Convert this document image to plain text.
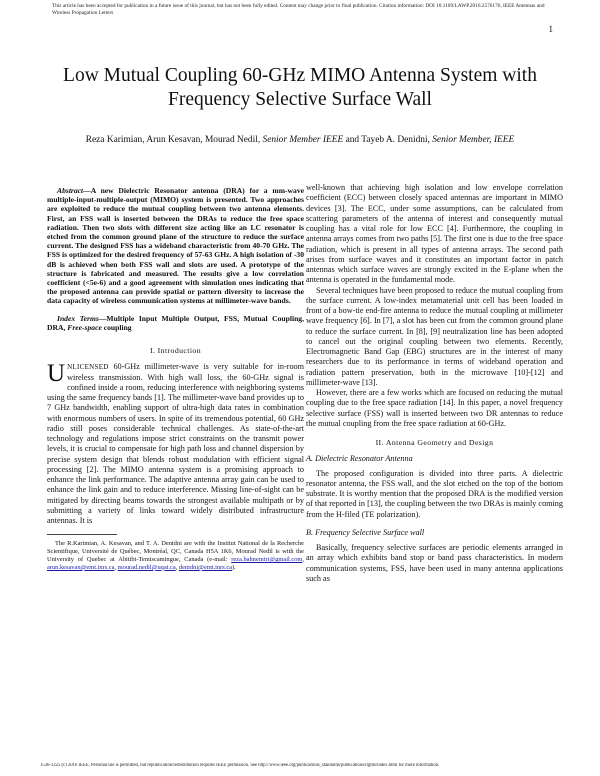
This article has been accepted for publication in a future issue of this journal, but has not been fully edited. Content may change prior to final publication. Citation information: DOI 10.1109/LAWP.2016.2576176, IEEE Antennas and Wireless Propagation Letters
1
Low Mutual Coupling 60-GHz MIMO Antenna System with Frequency Selective Surface Wall
Reza Karimian, Arun Kesavan, Mourad Nedil, Senior Member IEEE and Tayeb A. Denidni, Senior Member, IEEE

Abstract—A new Dielectric Resonator antenna (DRA) for a mm-wave multiple-input-multiple-output (MIMO) system is presented. Two approaches are exploited to reduce the mutual coupling between two antenna elements. First, an FSS wall is inserted between the DRAs to reduce the free space radiation. Then two slots with different size acting like an LC resonator is etched from the common ground plane of the structure to reduce the surface current. The designed FSS has a wideband characteristic from 40-70 GHz. The FSS is optimized for the desired frequency of 57-63 GHz. A high isolation of -30 dB is achieved when both FSS wall and slots are used. A prototype of the structure is fabricated and measured. The results give a low correlation coefficient (<5e-6) and a good agreement with simulation ones indicating that the proposed antenna can provide spatial or pattern diversity to increase the data capacity of wireless communication systems at millimeter-wave bands.

Index Terms—Multiple Input Multiple Output, FSS, Mutual Coupling, DRA, Free-space coupling

I. Introduction

UNLICENSED 60-GHz millimeter-wave is very suitable for in-room wireless transmission. With high wall loss, the 60-GHz signal is confined inside a room, reducing interference with neighboring systems using the same frequency bands [1]. The millimeter-wave band provides up to 7 GHz bandwidth, enabling support of ultra-high data rates in combination with enormous numbers of users. In spite of its tremendous potential, 60 GHz radio still poses considerable technical challenges. As state-of-the-art technology and regulations impose strict constraints on the transmit power levels, it is crucial to compensate for high path loss and channel dispersion by precise system design that blends robust modulation with efficient signal processing [2]. The MIMO antenna system is a promising approach to enhance the link performance. The adaptive antenna array gain can be used to enhance the link gain and to reduce interference. Missing line-of-sight can be mitigated by directing beams towards the strongest available multipath or by submitting a variety of links toward widely distributed infrastructure antennas. It is

The R.Karimian, A. Kesavan, and T. A. Denidni are with the Institut National de la Recherche Scientifique, Université de Québec, Montréal, QC, Canada H5A 1K6, Mourad Nedil is with the University of Quebec at Abitibi-Temiscamingue, Canada (e-mail: reza.bahnemiri@gmail.com, arun.kesavan@emt.inrs.ca, mourad.nedil@uqat.ca, denidni@emt.inrs.ca).

well-known that achieving high isolation and low envelope correlation coefficient (ECC) between closely spaced antennas are important in MIMO devices [3]. The ECC, under some assumptions, can be calculated from scattering parameters of the antenna of interest and consequently mutual coupling has a vital role for low ECC [4]. Furthermore, the coupling in antenna arrays comes from two paths [5]. The first one is due to the free space radiation, which is present in all types of antenna arrays. The second path arises from surface waves and it constitutes an important factor in patch antennas which surface waves are strongly excited in the E-plane when the antenna is operated in the fundamental mode.

Several techniques have been proposed to reduce the mutual coupling from the surface current. A low-index metamaterial unit cell has been loaded in front of a bow-tie end-fire antenna to reduce the mutual coupling at millimeter wave frequency [6]. In [7], a slot has been cut from the common ground plane to reduce the surface current. In [8], [9] neutralization line has been adopted to cancel out the original coupling between two elements. Recently, Electromagnetic Band Gap (EBG) structures are in the interest of many researchers due to its performance in terms of wideband operation and radiation pattern preservation, both in the microwave [10]-[12] and millimeter-wave [13].

However, there are a few works which are focused on reducing the mutual coupling due to the free space radiation [14]. In this paper, a novel frequency selective surface (FSS) wall is inserted between two DR antennas to reduce the mutual coupling from the free space radiation at 60-GHz.

II. Antenna Geometry and Design

A. Dielectric Resonator Antenna

The proposed configuration is divided into three parts. A dielectric resonator antenna, the FSS wall, and the slot etched on the top of the bottom substrate. It is worthy mention that the proposed DRA is the modified version of that reported in [13], the coupling between the two DRAs is mainly coming from the H-filed (TE polarization).

B. Frequency Selective Surface wall

Basically, frequency selective surfaces are periodic elements arranged in an array which exhibits band stop or band pass characteristics. In modern communication systems, FSS, have been used in many antenna applications such as

1536-1225 (c) 2016 IEEE. Personal use is permitted, but republication/redistribution requires IEEE permission. See http://www.ieee.org/publications_standards/publications/rights/index.html for more information.
